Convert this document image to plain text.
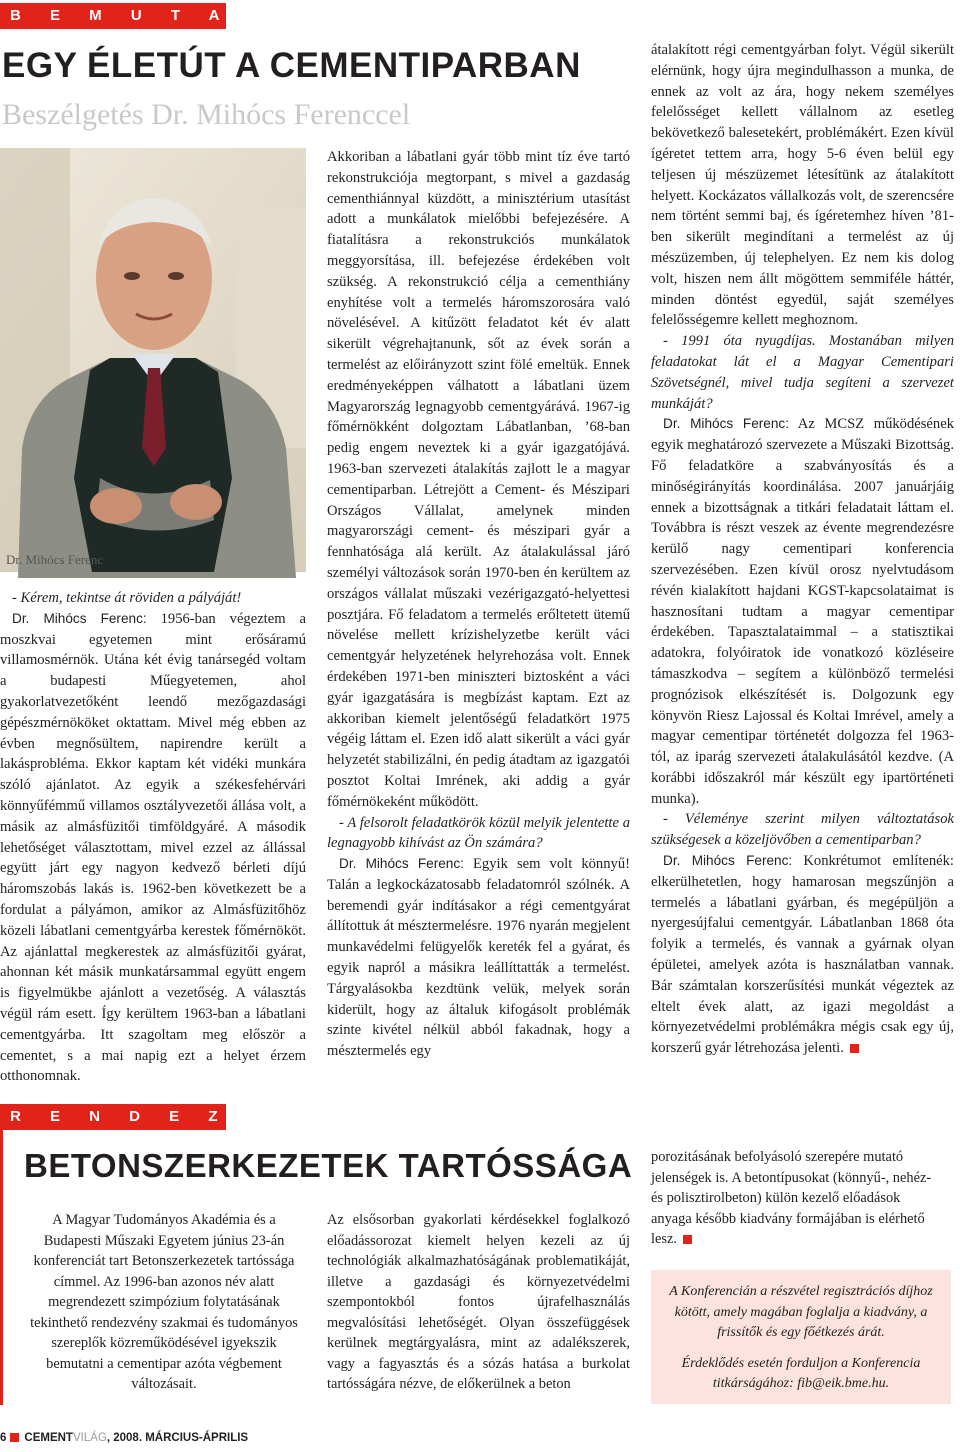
B E M U T A T J U K
EGY ÉLETÚT A CEMENTIPARBAN
Beszélgetés Dr. Mihócs Ferenccel
Dr. Mihócs Ferenc

- Kérem, tekintse át röviden a pályáját!

Dr. Mihócs Ferenc: 1956-ban végeztem a moszkvai egyetemen mint erősáramú villamosmérnök. Utána két évig tanársegéd voltam a budapesti Műegyetemen, ahol gyakorlatvezetőként leendő mezőgazdasági gépészmérnököket oktattam. Mivel még ebben az évben megnősültem, napirendre került a lakásprobléma. Ekkor kaptam két vidéki munkára szóló ajánlatot. Az egyik a székesfehérvári könnyűfémmű villamos osztályvezetői állása volt, a másik az almásfüzitői timföldgyáré. A második lehetőséget választottam, mivel ezzel az állással együtt járt egy nagyon kedvező bérleti díjú háromszobás lakás is. 1962-ben következett be a fordulat a pályámon, amikor az Almásfüzitőhöz közeli lábatlani cementgyárba kerestek főmérnököt. Az ajánlattal megkerestek az almásfüzitői gyárat, ahonnan két másik munkatársammal együtt engem is figyelmükbe ajánlott a vezetőség. A választás végül rám esett. Így kerültem 1963-ban a lábatlani cementgyárba. Itt szagoltam meg először a cementet, s a mai napig ezt a helyet érzem otthonomnak.

Akkoriban a lábatlani gyár több mint tíz éve tartó rekonstrukciója megtorpant, s mivel a gazdaság cementhiánnyal küzdött, a minisztérium utasítást adott a munkálatok mielőbbi befejezésére. A fiatalításra a rekonstrukciós munkálatok meggyorsítása, ill. befejezése érdekében volt szükség. A rekonstrukció célja a cementhiány enyhítése volt a termelés háromszorosára való növelésével. A kitűzött feladatot két év alatt sikerült végrehajtanunk, sőt az évek során a termelést az előirányzott szint fölé emeltük. Ennek eredményeképpen válhatott a lábatlani üzem Magyarország legnagyobb cementgyárává. 1967-ig főmérnökként dolgoztam Lábatlanban, ’68-ban pedig engem neveztek ki a gyár igazgatójává. 1963-ban szervezeti átalakítás zajlott le a magyar cementiparban. Létrejött a Cement- és Mészipari Országos Vállalat, amelynek minden magyarországi cement- és mészipari gyár a fennhatósága alá került. Az átalakulással járó személyi változások során 1970-ben én kerültem az országos vállalat műszaki vezérigazgató-helyettesi posztjára. Fő feladatom a termelés erőltetett ütemű növelése mellett krízishelyzetbe került váci cementgyár helyzetének helyrehozása volt. Ennek érdekében 1971-ben miniszteri biztosként a váci gyár igazgatására is megbízást kaptam. Ezt az akkoriban kiemelt jelentőségű feladatkört 1975 végéig láttam el. Ezen idő alatt sikerült a váci gyár helyzetét stabilizálni, én pedig átadtam az igazgatói posztot Koltai Imrének, aki addig a gyár főmérnökeként működött.

- A felsorolt feladatkörök közül melyik jelentette a legnagyobb kihívást az Ön számára?

Dr. Mihócs Ferenc: Egyik sem volt könnyű! Talán a legkockázatosabb feladatomról szólnék. A beremendi gyár indításakor a régi cementgyárat állítottuk át mésztermelésre. 1976 nyarán megjelent munkavédelmi felügyelők kereték fel a gyárat, és egyik napról a másikra leállíttatták a termelést. Tárgyalásokba kezdtünk velük, melyek során kiderült, hogy az általuk kifogásolt problémák szinte kivétel nélkül abból fakadnak, hogy a mésztermelés egy

átalakított régi cementgyárban folyt. Végül sikerült elérnünk, hogy újra megindulhasson a munka, de ennek az volt az ára, hogy nekem személyes felelősséget kellett vállalnom az esetleg bekövetkező balesetekért, problémákért. Ezen kívül ígéretet tettem arra, hogy 5-6 éven belül egy teljesen új mészüzemet létesítünk az átalakított helyett. Kockázatos vállalkozás volt, de szerencsére nem történt semmi baj, és ígéretemhez híven ’81-ben sikerült megindítani a termelést az új mészüzemben, új telephelyen. Ez nem kis dolog volt, hiszen nem állt mögöttem semmiféle háttér, minden döntést egyedül, saját személyes felelősségemre kellett meghoznom.

- 1991 óta nyugdíjas. Mostanában milyen feladatokat lát el a Magyar Cementipari Szövetségnél, mivel tudja segíteni a szervezet munkáját?

Dr. Mihócs Ferenc: Az MCSZ működésének egyik meghatározó szervezete a Műszaki Bizottság. Fő feladatköre a szabványosítás és a minőségirányítás koordinálása. 2007 januárjáig ennek a bizottságnak a titkári feladatait láttam el. Továbbra is részt veszek az évente megrendezésre kerülő nagy cementipari konferencia szervezésében. Ezen kívül orosz nyelvtudásom révén kialakított hajdani KGST-kapcsolataimat is hasznosítani tudtam a magyar cementipar érdekében. Tapasztalataimmal – a statisztikai adatokra, folyóiratok ide vonatkozó közléseire támaszkodva – segítem a különböző termelési prognózisok elkészítését is. Dolgozunk egy könyvön Riesz Lajossal és Koltai Imrével, amely a magyar cementipar történetét dolgozza fel 1963-tól, az iparág szervezeti átalakulásától kezdve. (A korábbi időszakról már készült egy ipartörténeti munka).

- Véleménye szerint milyen változtatások szükségesek a közeljövőben a cementiparban?

Dr. Mihócs Ferenc: Konkrétumot említenék: elkerülhetetlen, hogy hamarosan megszűnjön a termelés a lábatlani gyárban, és megépüljön a nyergesújfalui cementgyár. Lábatlanban 1868 óta folyik a termelés, és vannak a gyárnak olyan épületei, amelyek azóta is használatban vannak. Bár számtalan korszerűsítési munkát végeztek az eltelt évek alatt, az igazi megoldást a környezetvédelmi problémákra mégis csak egy új, korszerű gyár létrehozása jelenti.

R E N D E Z V É N Y E K
BETONSZERKEZETEK TARTÓSSÁGA
A Magyar Tudományos Akadémia és a Budapesti Műszaki Egyetem június 23-án konferenciát tart Betonszerkezetek tartóssága címmel. Az 1996-ban azonos név alatt megrendezett szimpózium folytatásának tekinthető rendezvény szakmai és tudományos szereplők közreműködésével igyekszik bemutatni a cementipar azóta végbement változásait.
Az elsősorban gyakorlati kérdésekkel foglalkozó előadássorozat kiemelt helyen kezeli az új technológiák alkalmazhatóságának problematikáját, illetve a gazdasági és környezetvédelmi szempontokból fontos újrafelhasználás megvalósítási lehetőségét. Olyan összefüggések kerülnek megtárgyalásra, mint az adalékszerek, vagy a fagyasztás és a sózás hatása a burkolat tartósságára nézve, de előkerülnek a beton
porozitásának befolyásoló szerepére mutató jelenségek is. A betontípusokat (könnyű-, nehéz- és polisztirolbeton) külön kezelő előadások anyaga később kiadvány formájában is elérhető lesz.

A Konferencián a részvétel regisztrációs díjhoz kötött, amely magában foglalja a kiadvány, a frissítők és egy főétkezés árát.

Érdeklődés esetén forduljon a Konferencia titkárságához: fib@eik.bme.hu.

6 CEMENTVILÁG, 2008. MÁRCIUS-ÁPRILIS
